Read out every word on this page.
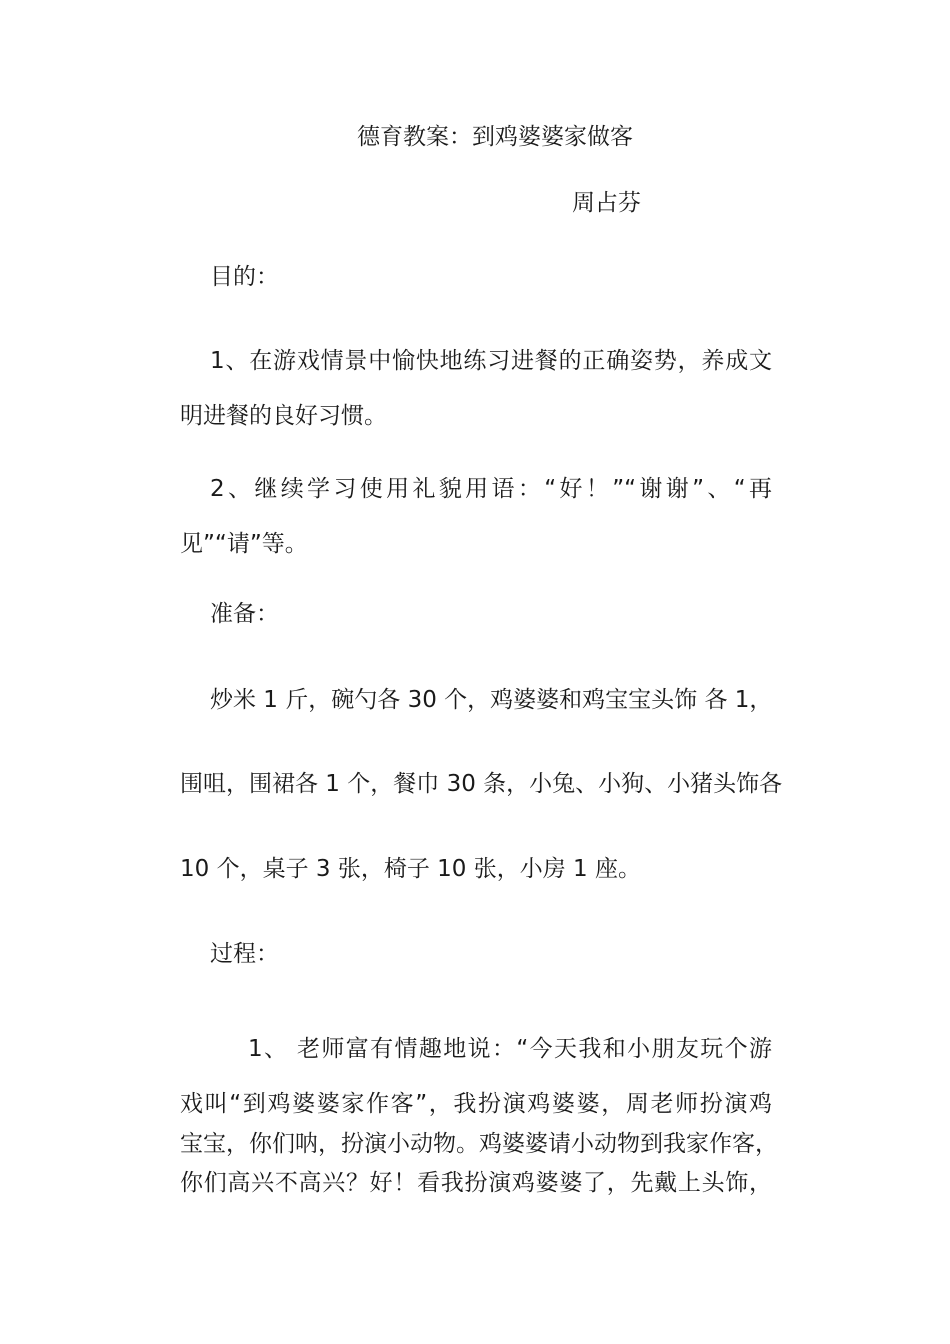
德育教案：到鸡婆婆家做客

周占芬

目的：

1、在游戏情景中愉快地练习进餐的正确姿势，养成文

明进餐的良好习惯。

2、继续学习使用礼貌用语：“好！”“谢谢”、“再

见”“请”等。

准备：

炒米 1 斤，碗勺各 30 个，鸡婆婆和鸡宝宝头饰 各 1，

围咀，围裙各 1 个，餐巾 30 条，小兔、小狗、小猪头饰各

10 个，桌子 3 张，椅子 10 张，小房 1 座。

过程：

1、 老师富有情趣地说：“今天我和小朋友玩个游

戏叫“到鸡婆婆家作客”，我扮演鸡婆婆，周老师扮演鸡

宝宝，你们呐，扮演小动物。鸡婆婆请小动物到我家作客，

你们高兴不高兴？好！看我扮演鸡婆婆了，先戴上头饰，
